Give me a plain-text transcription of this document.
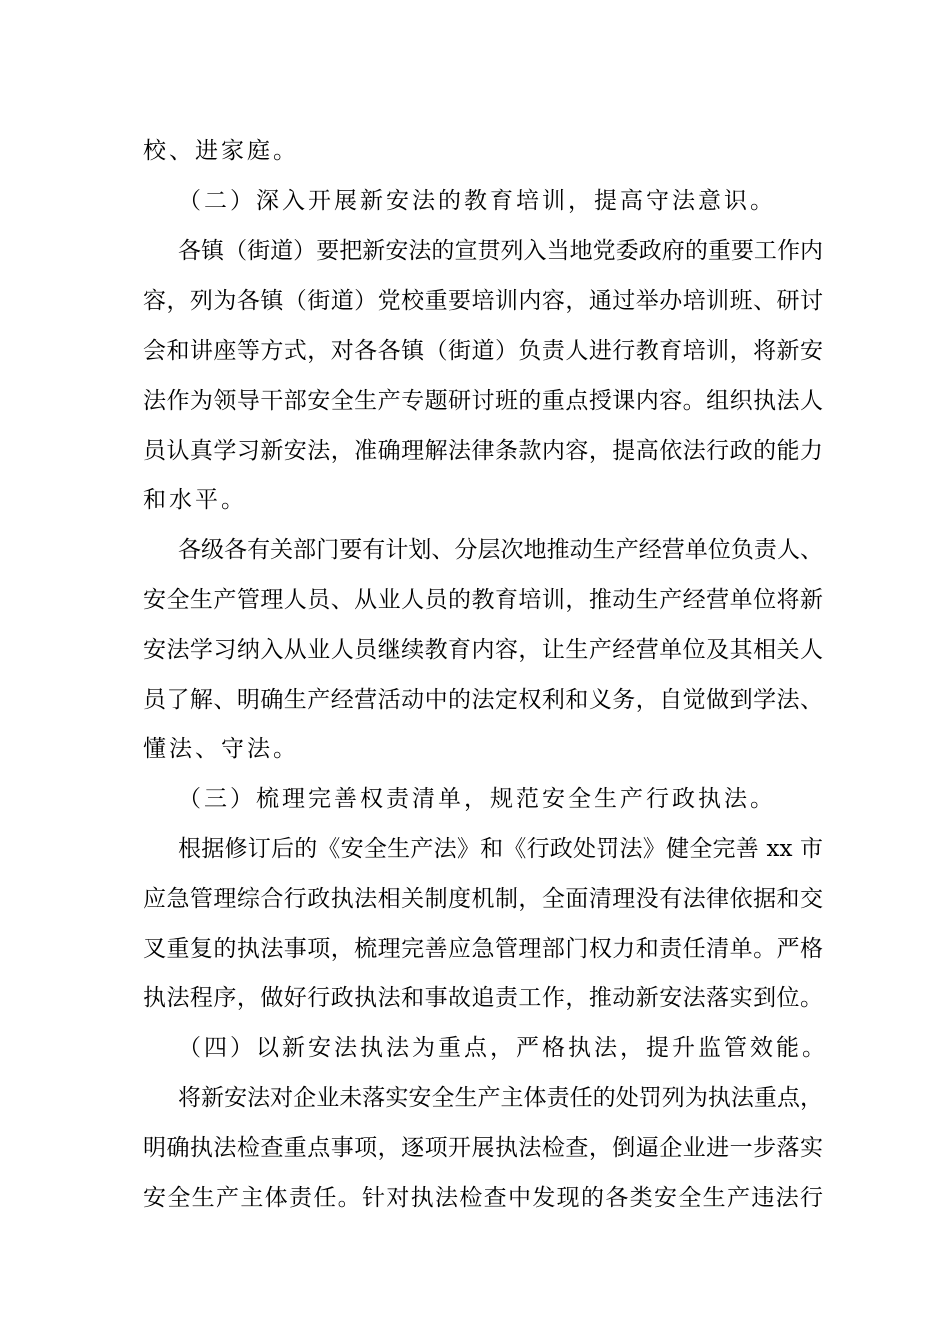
校、进家庭。
（二）深入开展新安法的教育培训，提高守法意识。
各镇（街道）要把新安法的宣贯列入当地党委政府的重要工作内
容，列为各镇（街道）党校重要培训内容，通过举办培训班、研讨
会和讲座等方式，对各各镇（街道）负责人进行教育培训，将新安
法作为领导干部安全生产专题研讨班的重点授课内容。组织执法人
员认真学习新安法，准确理解法律条款内容，提高依法行政的能力
和水平。
各级各有关部门要有计划、分层次地推动生产经营单位负责人、
安全生产管理人员、从业人员的教育培训，推动生产经营单位将新
安法学习纳入从业人员继续教育内容，让生产经营单位及其相关人
员了解、明确生产经营活动中的法定权利和义务，自觉做到学法、
懂法、守法。
（三）梳理完善权责清单，规范安全生产行政执法。
根据修订后的《安全生产法》和《行政处罚法》健全完善 xx 市
应急管理综合行政执法相关制度机制，全面清理没有法律依据和交
叉重复的执法事项，梳理完善应急管理部门权力和责任清单。严格
执法程序，做好行政执法和事故追责工作，推动新安法落实到位。
（四）以新安法执法为重点，严格执法，提升监管效能。
将新安法对企业未落实安全生产主体责任的处罚列为执法重点，
明确执法检查重点事项，逐项开展执法检查，倒逼企业进一步落实
安全生产主体责任。针对执法检查中发现的各类安全生产违法行
